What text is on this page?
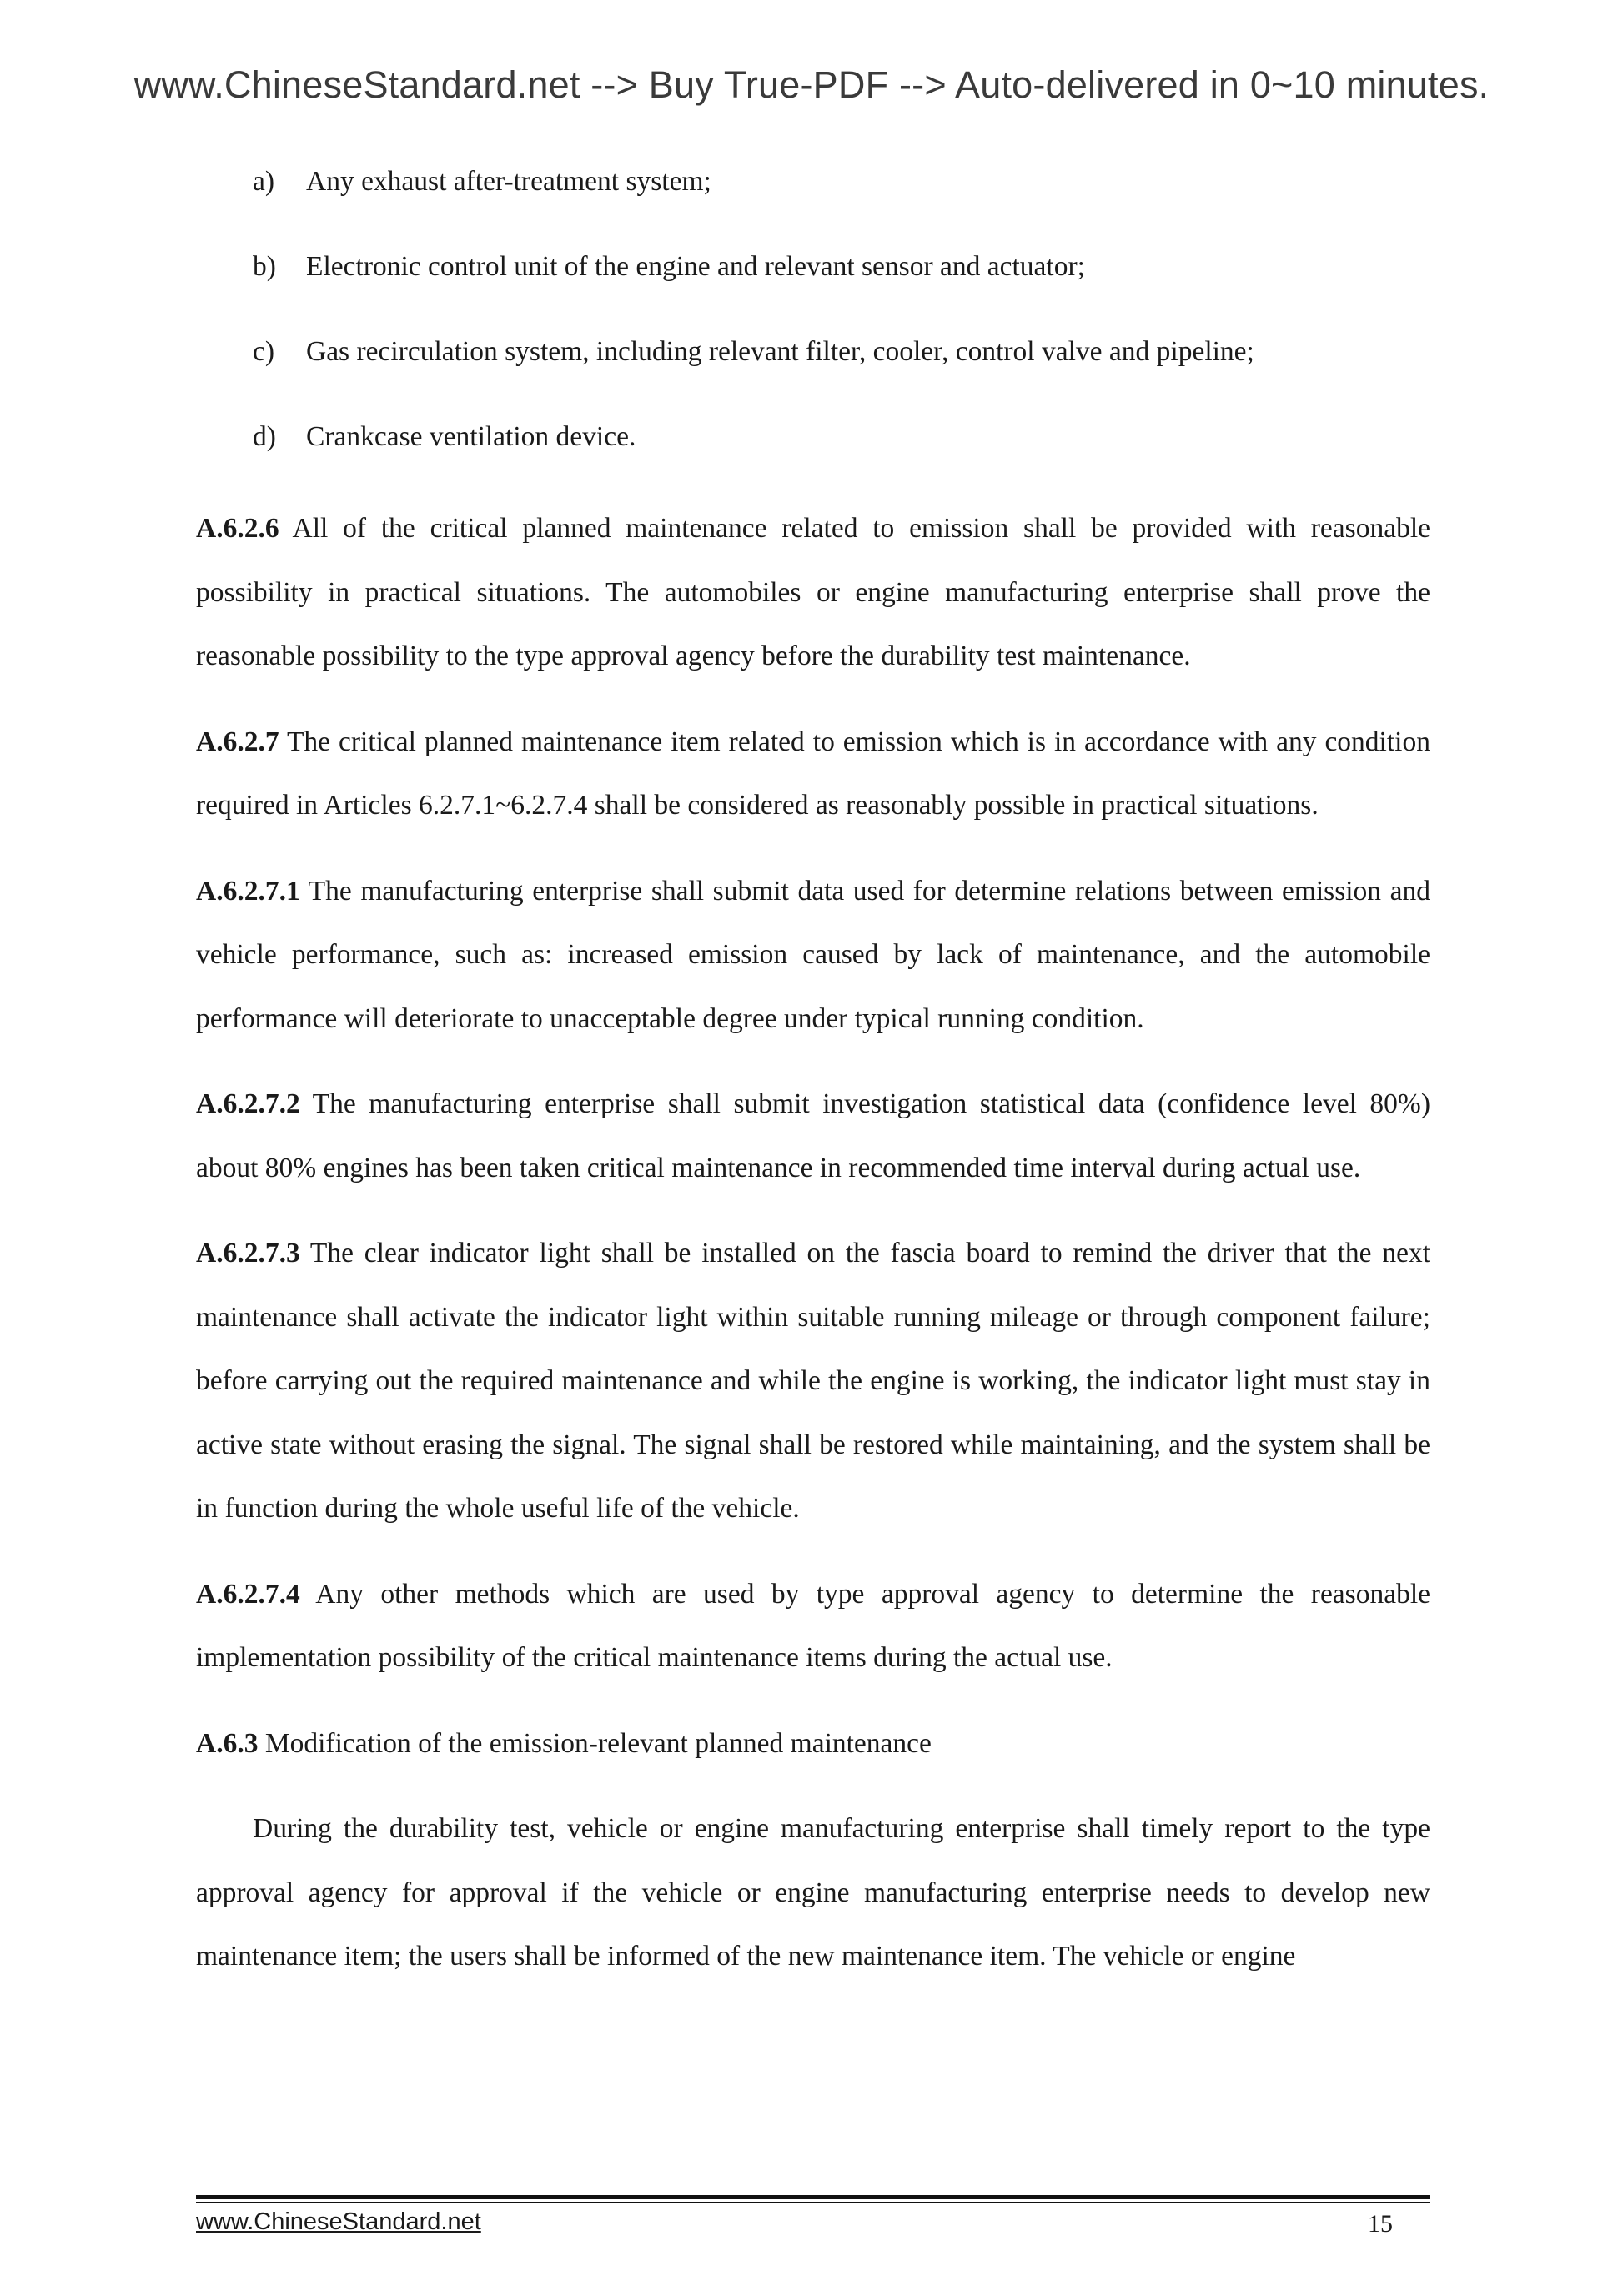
www.ChineseStandard.net --> Buy True-PDF --> Auto-delivered in 0~10 minutes.
a) Any exhaust after-treatment system;
b) Electronic control unit of the engine and relevant sensor and actuator;
c) Gas recirculation system, including relevant filter, cooler, control valve and pipeline;
d) Crankcase ventilation device.

A.6.2.6 All of the critical planned maintenance related to emission shall be provided with reasonable possibility in practical situations. The automobiles or engine manufacturing enterprise shall prove the reasonable possibility to the type approval agency before the durability test maintenance.

A.6.2.7 The critical planned maintenance item related to emission which is in accordance with any condition required in Articles 6.2.7.1~6.2.7.4 shall be considered as reasonably possible in practical situations.

A.6.2.7.1 The manufacturing enterprise shall submit data used for determine relations between emission and vehicle performance, such as: increased emission caused by lack of maintenance, and the automobile performance will deteriorate to unacceptable degree under typical running condition.

A.6.2.7.2 The manufacturing enterprise shall submit investigation statistical data (confidence level 80%) about 80% engines has been taken critical maintenance in recommended time interval during actual use.

A.6.2.7.3 The clear indicator light shall be installed on the fascia board to remind the driver that the next maintenance shall activate the indicator light within suitable running mileage or through component failure; before carrying out the required maintenance and while the engine is working, the indicator light must stay in active state without erasing the signal. The signal shall be restored while maintaining, and the system shall be in function during the whole useful life of the vehicle.

A.6.2.7.4 Any other methods which are used by type approval agency to determine the reasonable implementation possibility of the critical maintenance items during the actual use.

A.6.3 Modification of the emission-relevant planned maintenance

During the durability test, vehicle or engine manufacturing enterprise shall timely report to the type approval agency for approval if the vehicle or engine manufacturing enterprise needs to develop new maintenance item; the users shall be informed of the new maintenance item. The vehicle or engine

www.ChineseStandard.net	15
